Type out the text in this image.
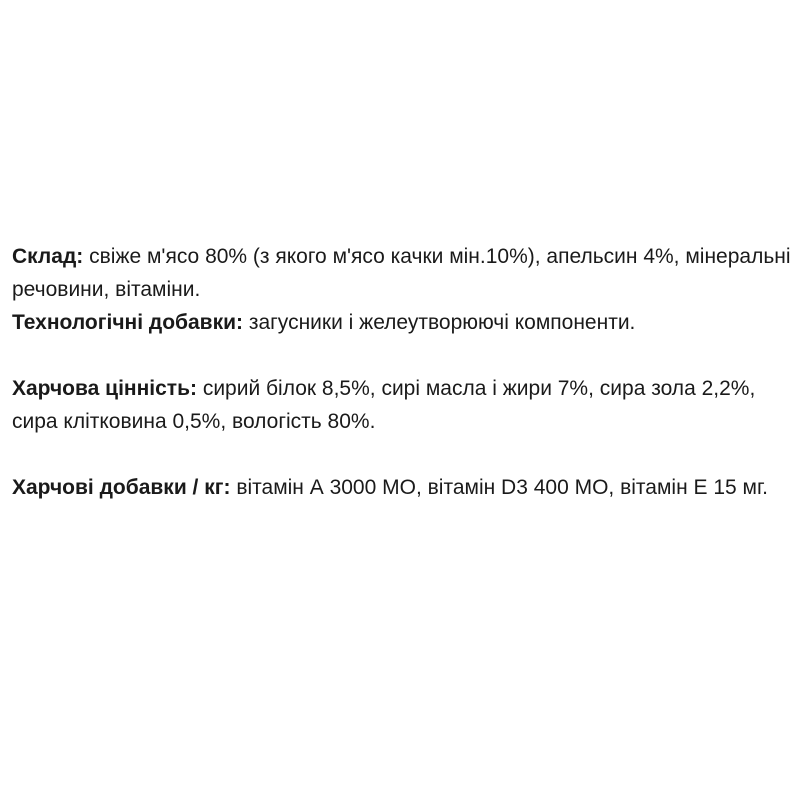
Склад: свіже м'ясо 80% (з якого м'ясо качки мін.10%), апельсин 4%, мінеральні речовини, вітаміни.

Технологічні добавки: загусники і желеутворюючі компоненти.

Харчова цінність: сирий білок 8,5%, сирі масла і жири 7%, сира зола 2,2%, сира клітковина 0,5%, вологість 80%.

Харчові добавки / кг: вітамін А 3000 МО, вітамін D3 400 МО, вітамін Е 15 мг.
